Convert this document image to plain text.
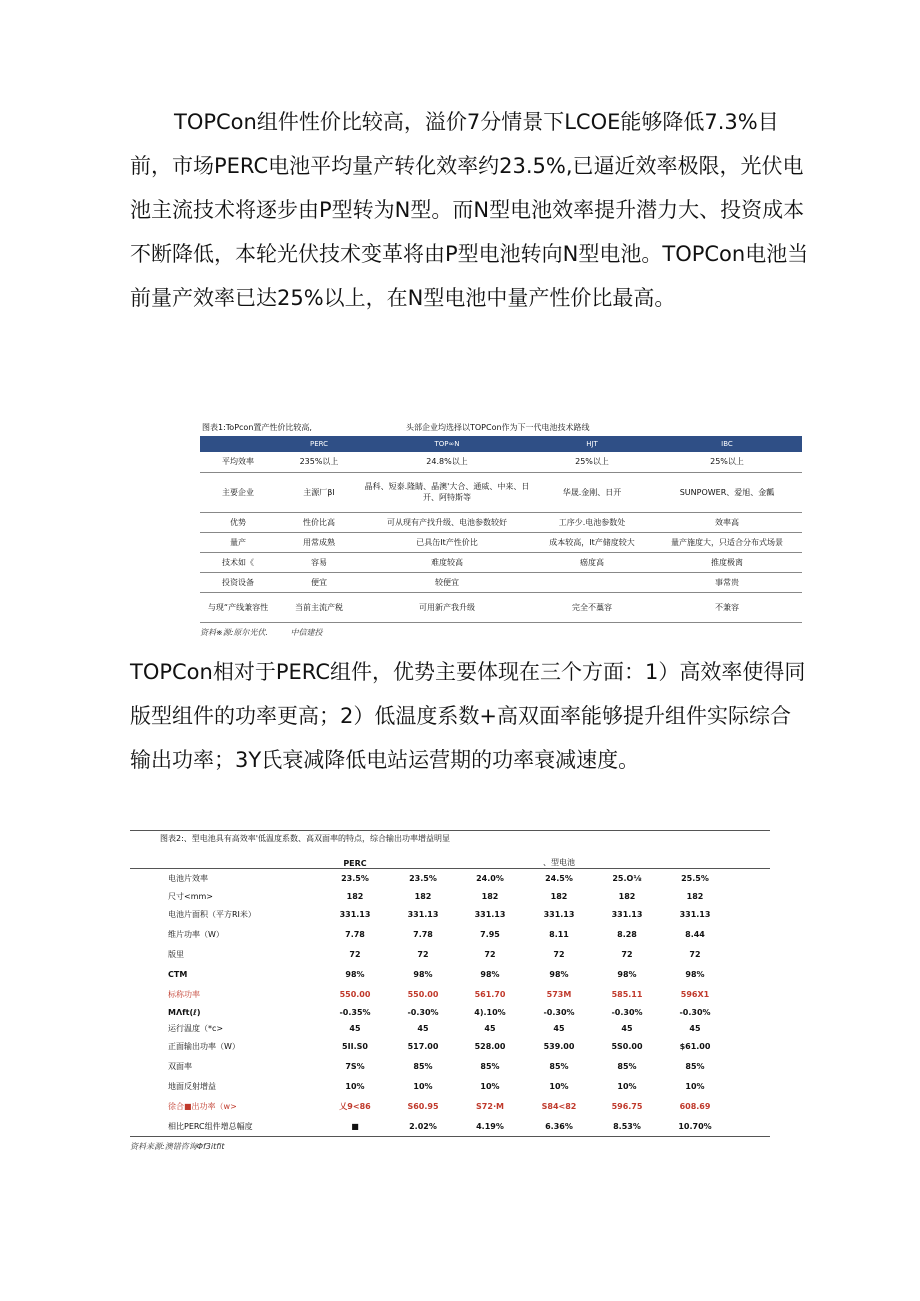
TOPCon组件性价比较高，溢价7分情景下LCOE能够降低7.3%目前，市场PERC电池平均量产转化效率约23.5%,已逼近效率极限，光伏电池主流技术将逐步由P型转为N型。而N型电池效率提升潜力大、投资成本不断降低，本轮光伏技术变革将由P型电池转向N型电池。TOPCon电池当前量产效率已达25%以上，在N型电池中量产性价比最高。

图表1:ToPcon置产性价比较高,	头部企业均选择以TOPCon作为下一代电池技术路线
	PERC	TOP∞N	HJT	IBC
平均效率	235%以上	24.8%以上	25%以上	25%以上
主要企业	主源厂βI	晶科、短泰.隆睛、晶澳'大合、通威、中来、日开、阿特斯等	华晟.金刚、日开	SUNPOWER、爱旭、金瓤
优势	性价比高	可从现有产找升级、电池参数较好	工序少.电池参数处	效率高
量产	用常成熟	已具缶It产性价比	成本较高，It产储度较大	量产施度大，只适合分布式场景
技术如《	容易	难度较高	癌度高	推度极离
投资设备	便宜	较便宜		事常贵
与现“产线兼容性	当前主流产税	可用新产我升级	完全不藁容	不兼容
资料※源:原尔光伏.	中信建投

TOPCon相对于PERC组件，优势主要体现在三个方面：1）高效率使得同版型组件的功率更高；2）低温度系数+高双面率能够提升组件实际综合输出功率；3Y氏衰减降低电站运营期的功率衰减速度。

图表2:、型电池具有高效率'低温度系数、高双面率的特点，综合输出功率增益明显
	PERC			、型电池			
电池片效率	23.5%	23.5%	24.0%	24.5%	25.O⅛	25.5%	
尺寸<mm>	182	182	182	182	182	182	
电池片面积（平方RI米）	331.13	331.13	331.13	331.13	331.13	331.13	
维片功率（W）	7.78	7.78	7.95	8.11	8.28	8.44	
版里	72	72	72	72	72	72	
CTM	98%	98%	98%	98%	98%	98%	
标称功率	550.00	550.00	561.70	573M	585.11	596X1	
MΛft(ℓ)	-0.35%	-0.30%	4).10%	-0.30%	-0.30%	-0.30%	
运行温度（*c>	45	45	45	45	45	45	
正面输出功率（W）	5II.S0	517.00	528.00	539.00	5S0.00	$61.00	
双面率	7S%	85%	85%	85%	85%	85%	
地面反射增益	10%	10%	10%	10%	10%	10%	
徐合■出功率（w>	乂9<86	S60.95	S72∙M	S84<82	596.75	608.69	
相比PERC组件增总幅度	■	2.02%	4.19%	6.36%	8.53%	10.70%	
资料来源:澳错咨询Φf3itfit
